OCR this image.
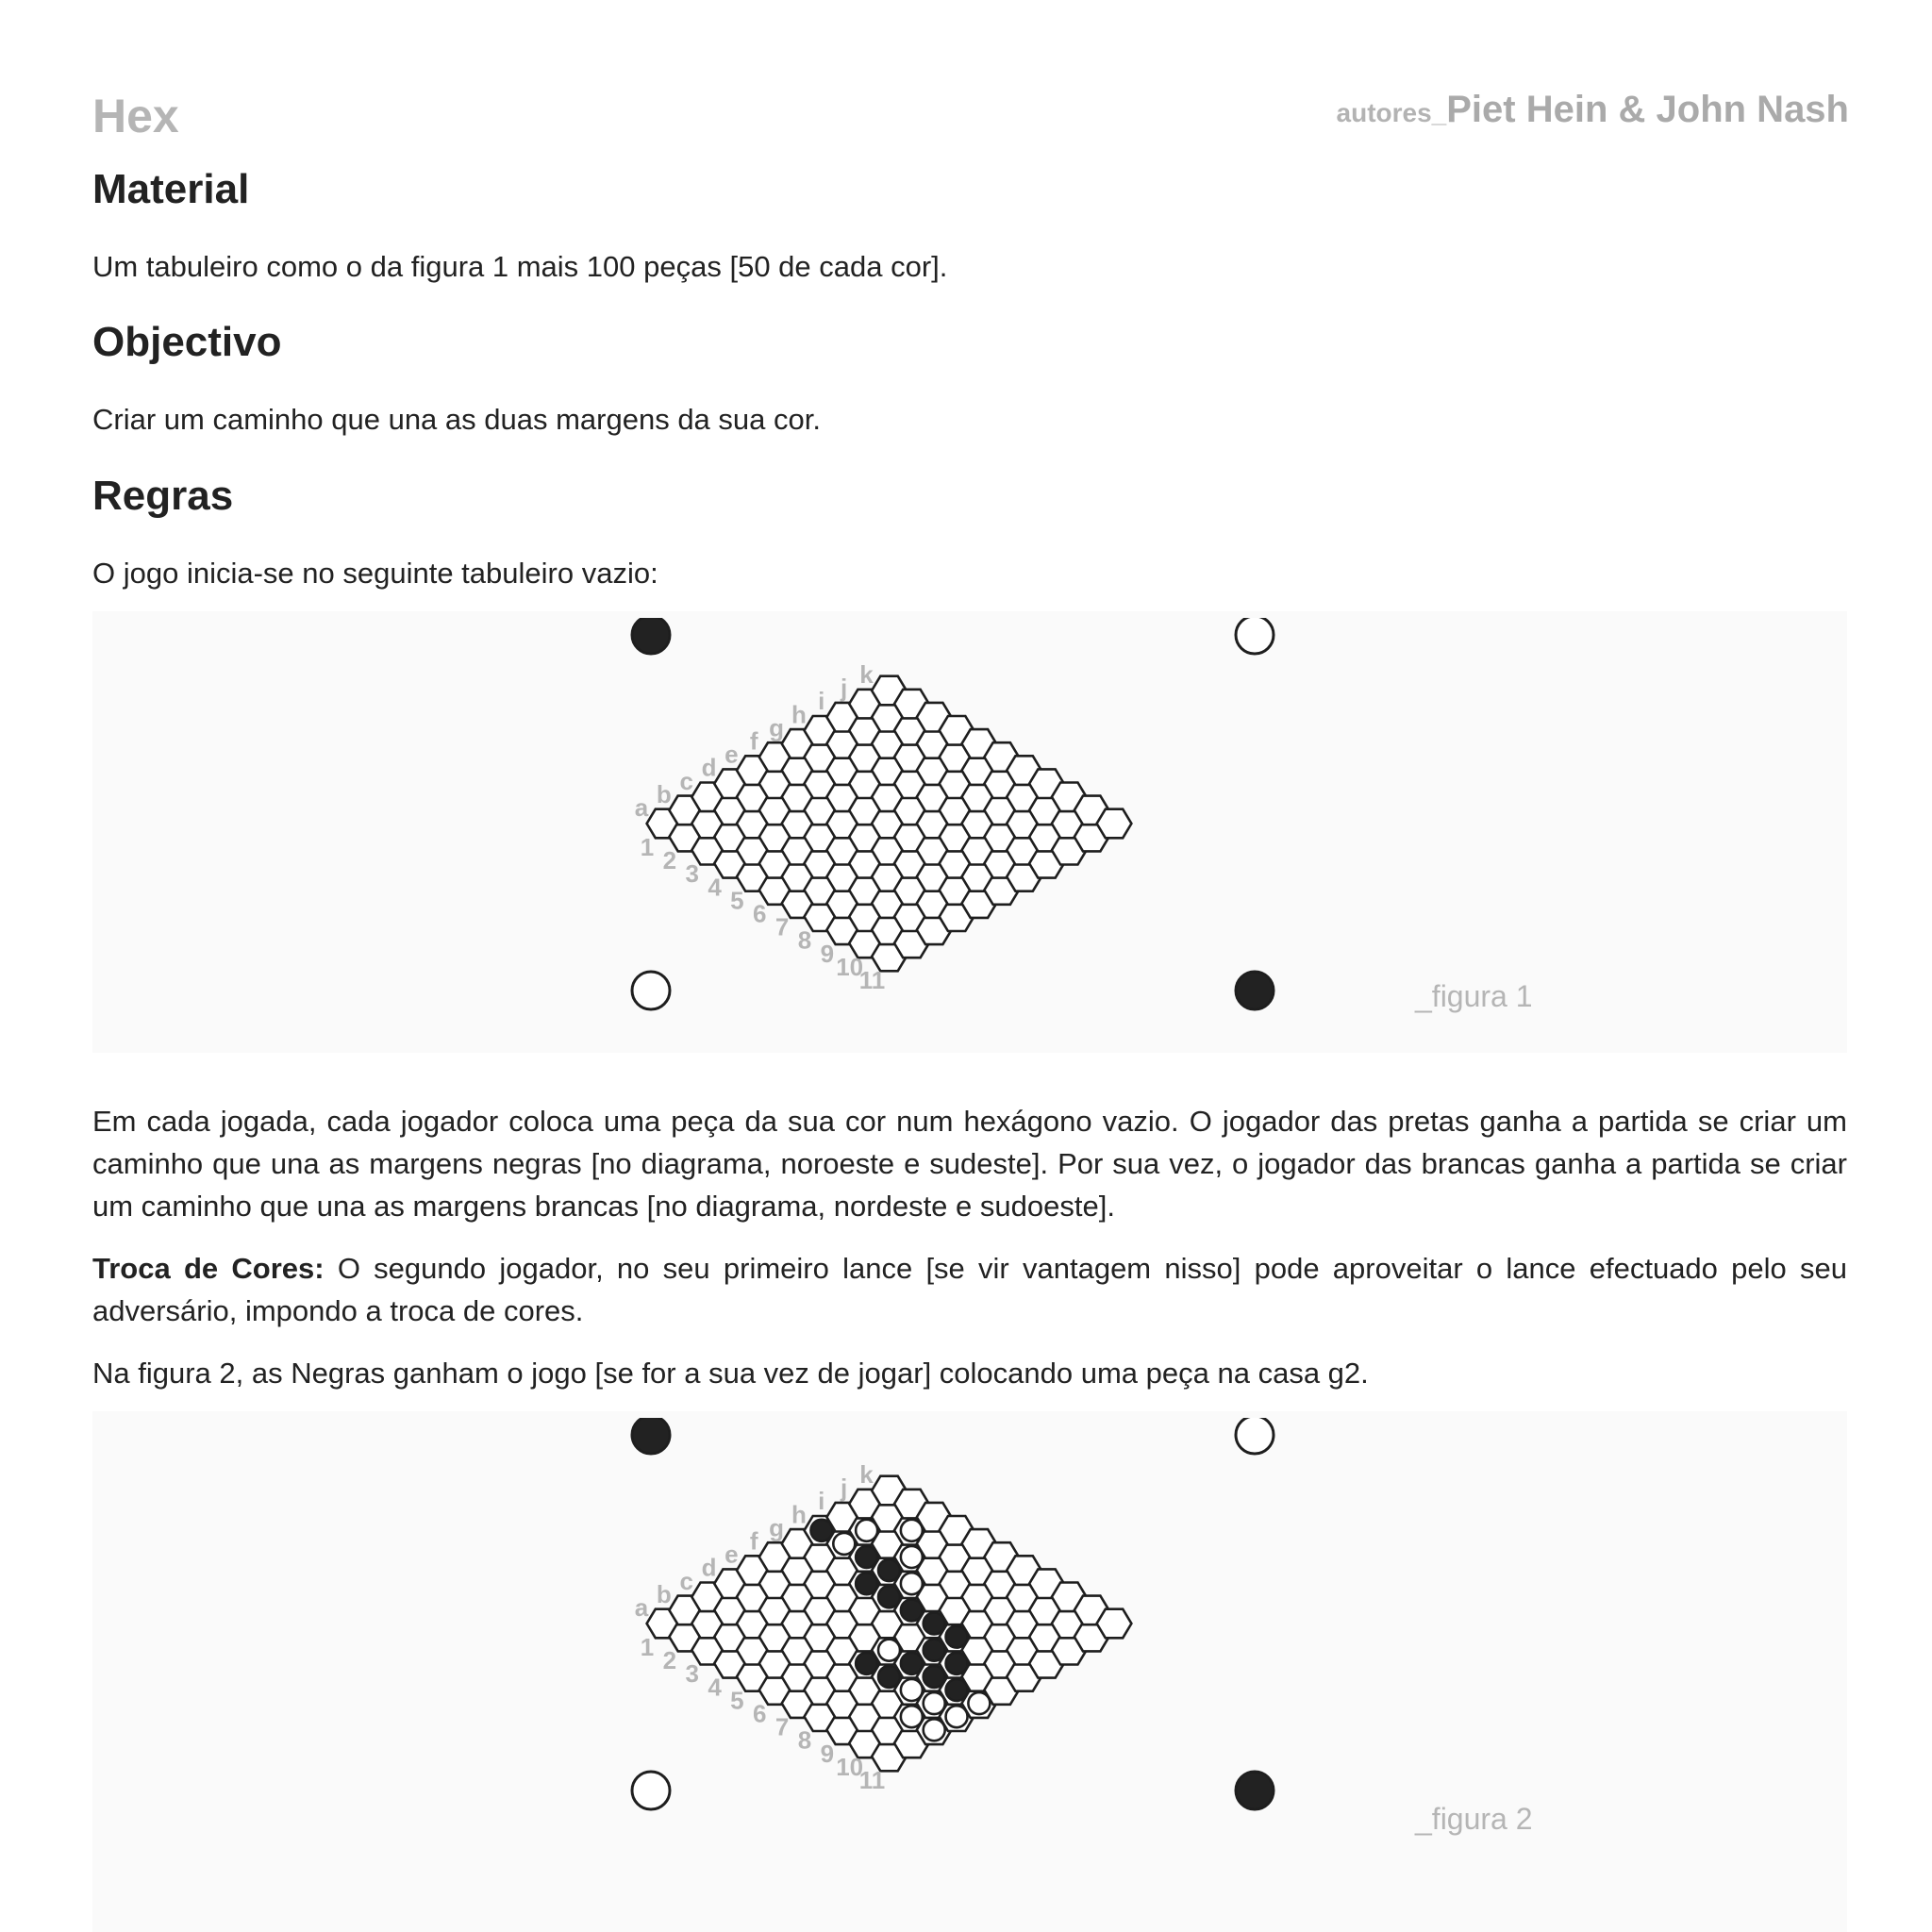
Hex	autores_Piet Hein & John Nash
Material

Um tabuleiro como o da figura 1 mais 100 peças [50 de cada cor].

Objectivo

Criar um caminho que una as duas margens da sua cor.

Regras

O jogo inicia-se no seguinte tabuleiro vazio:

a b c d e f g h i j k
1 2 3 4 5 6 7 8 9 10
11	_figura 1

Em cada jogada, cada jogador coloca uma peça da sua cor num hexágono vazio. O jogador das pretas ganha a partida se criar um caminho que una as margens negras [no diagrama, noroeste e sudeste]. Por sua vez, o jogador das brancas ganha a partida se criar um caminho que una as margens brancas [no diagrama, nordeste e sudoeste].

Troca de Cores: O segundo jogador, no seu primeiro lance [se vir vantagem nisso] pode aproveitar o lance efectuado pelo seu adversário, impondo a troca de cores.

Na figura 2, as Negras ganham o jogo [se for a sua vez de jogar] colocando uma peça na casa g2.

a b c d e f g h i j k
1 2 3 4 5 6 7 8 9 10
11
_figura 2
